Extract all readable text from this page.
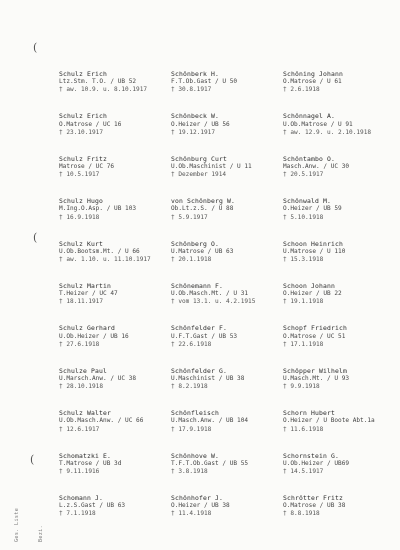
(
(
(
Ges. Liste	Bezi.
Schulz Erich
Ltz.Stm. T.O. / UB 52
† aw. 10.9. u. 8.10.1917
Schönberk H.
F.T.Ob.Gast / U 50
† 30.8.1917
Schöning Johann
O.Matrose / U 61
† 2.6.1918
Schulz Erich
O.Matrose / UC 16
† 23.10.1917
Schönbeck W.
O.Heizer / UB 56
† 19.12.1917
Schönnagel A.
U.Ob.Matrose / U 91
† aw. 12.9. u. 2.10.1918
Schulz Fritz
Matrose / UC 76
† 10.5.1917
Schönburg Curt
U.Ob.Maschinist / U 11
† Dezember 1914
Schöntambo O.
Masch.Anw. / UC 30
† 20.5.1917
Schulz Hugo
M.Ing.O.Asp. / UB 103
† 16.9.1918
von Schönberg W.
Ob.Lt.z.S. / U 88
† 5.9.1917
Schönwald M.
O.Heizer / UB 59
† 5.10.1918
Schulz Kurt
U.Ob.Bootsm.Mt. / U 66
† aw. 1.10. u. 11.10.1917
Schönberg O.
U.Matrose / UB 63
† 20.1.1918
Schoon Heinrich
U.Matrose / U 110
† 15.3.1918
Schulz Martin
T.Heizer / UC 47
† 18.11.1917
Schönemann F.
U.Ob.Masch.Mt. / U 31
† vom 13.1. u. 4.2.1915
Schoon Johann
O.Heizer / UB 22
† 19.1.1918
Schulz Gerhard
U.Ob.Heizer / UB 16
† 27.6.1918
Schönfelder F.
U.F.T.Gast / UB 53
† 22.6.1918
Schopf Friedrich
O.Matrose / UC 51
† 17.1.1918
Schulze Paul
U.Marsch.Anw. / UC 38
† 28.10.1918
Schönfelder G.
U.Maschinist / UB 38
† 8.2.1918
Schöpper Wilhelm
U.Masch.Mt. / U 93
† 9.9.1918
Schulz Walter
U.Ob.Masch.Anw. / UC 66
† 12.6.1917
Schönfleisch
U.Masch.Anw. / UB 104
† 17.9.1918
Schorn Hubert
O.Heizer / U Boote Abt.1a
† 11.6.1918
Schomatzki E.
T.Matrose / UB 3d
† 9.11.1916
Schönhove W.
T.F.T.Ob.Gast / UB 55
† 3.8.1918
Schornstein G.
U.Ob.Heizer / UB69
† 14.5.1917
Schomann J.
L.z.S.Gast / UB 63
† 7.1.1918
Schönhofer J.
O.Heizer / UB 38
† 11.4.1918
Schrötter Fritz
O.Matrose / UB 38
† 8.8.1918
